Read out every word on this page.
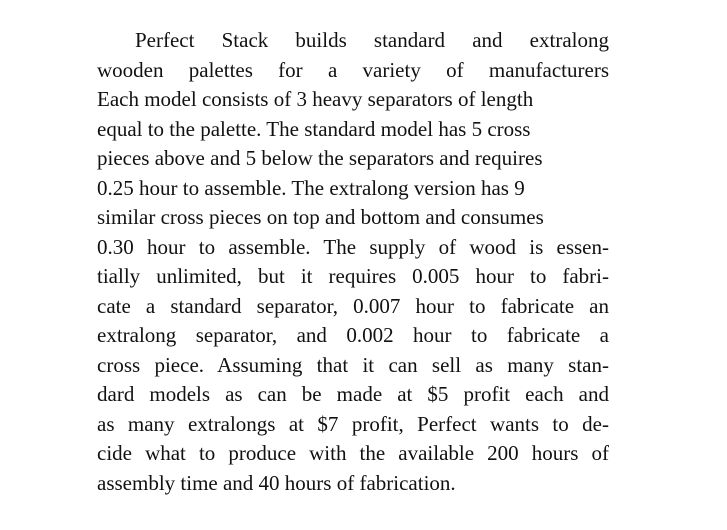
Perfect Stack builds standard and extralong
wooden palettes for a variety of manufacturers
Each model consists of 3 heavy separators of length
equal to the palette. The standard model has 5 cross
pieces above and 5 below the separators and requires
0.25 hour to assemble. The extralong version has 9
similar cross pieces on top and bottom and consumes
0.30 hour to assemble. The supply of wood is essen-
tially unlimited, but it requires 0.005 hour to fabri-
cate a standard separator, 0.007 hour to fabricate an
extralong separator, and 0.002 hour to fabricate a
cross piece. Assuming that it can sell as many stan-
dard models as can be made at $5 profit each and
as many extralongs at $7 profit, Perfect wants to de-
cide what to produce with the available 200 hours of
assembly time and 40 hours of fabrication.
